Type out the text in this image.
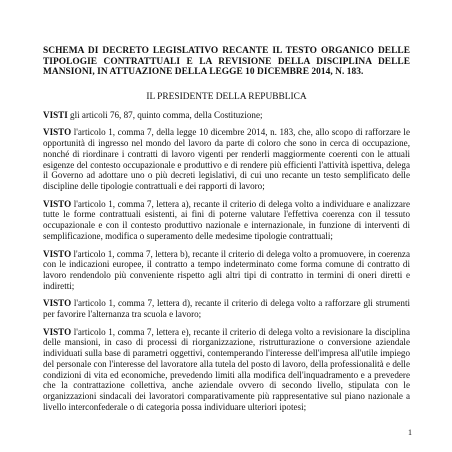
SCHEMA DI DECRETO LEGISLATIVO RECANTE IL TESTO ORGANICO DELLE TIPOLOGIE CONTRATTUALI E LA REVISIONE DELLA DISCIPLINA DELLE MANSIONI, IN ATTUAZIONE DELLA LEGGE 10 DICEMBRE 2014, N. 183.

IL PRESIDENTE DELLA REPUBBLICA

VISTI gli articoli 76, 87, quinto comma, della Costituzione;

VISTO l'articolo 1, comma 7, della legge 10 dicembre 2014, n. 183, che, allo scopo di rafforzare le opportunità di ingresso nel mondo del lavoro da parte di coloro che sono in cerca di occupazione, nonché di riordinare i contratti di lavoro vigenti per renderli maggiormente coerenti con le attuali esigenze del contesto occupazionale e produttivo e di rendere più efficienti l'attività ispettiva, delega il Governo ad adottare uno o più decreti legislativi, di cui uno recante un testo semplificato delle discipline delle tipologie contrattuali e dei rapporti di lavoro;

VISTO l'articolo 1, comma 7, lettera a), recante il criterio di delega volto a individuare e analizzare tutte le forme contrattuali esistenti, ai fini di poterne valutare l'effettiva coerenza con il tessuto occupazionale e con il contesto produttivo nazionale e internazionale, in funzione di interventi di semplificazione, modifica o superamento delle medesime tipologie contrattuali;

VISTO l'articolo 1, comma 7, lettera b), recante il criterio di delega volto a promuovere, in coerenza con le indicazioni europee, il contratto a tempo indeterminato come forma comune di contratto di lavoro rendendolo più conveniente rispetto agli altri tipi di contratto in termini di oneri diretti e indiretti;

VISTO l'articolo 1, comma 7, lettera d), recante il criterio di delega volto a rafforzare gli strumenti per favorire l'alternanza tra scuola e lavoro;

VISTO l'articolo 1, comma 7, lettera e), recante il criterio di delega volto a revisionare la disciplina delle mansioni, in caso di processi di riorganizzazione, ristrutturazione o conversione aziendale individuati sulla base di parametri oggettivi, contemperando l'interesse dell'impresa all'utile impiego del personale con l'interesse del lavoratore alla tutela del posto di lavoro, della professionalità e delle condizioni di vita ed economiche, prevedendo limiti alla modifica dell'inquadramento e a prevedere che la contrattazione collettiva, anche aziendale ovvero di secondo livello, stipulata con le organizzazioni sindacali dei lavoratori comparativamente più rappresentative sul piano nazionale a livello interconfederale o di categoria possa individuare ulteriori ipotesi;

1
